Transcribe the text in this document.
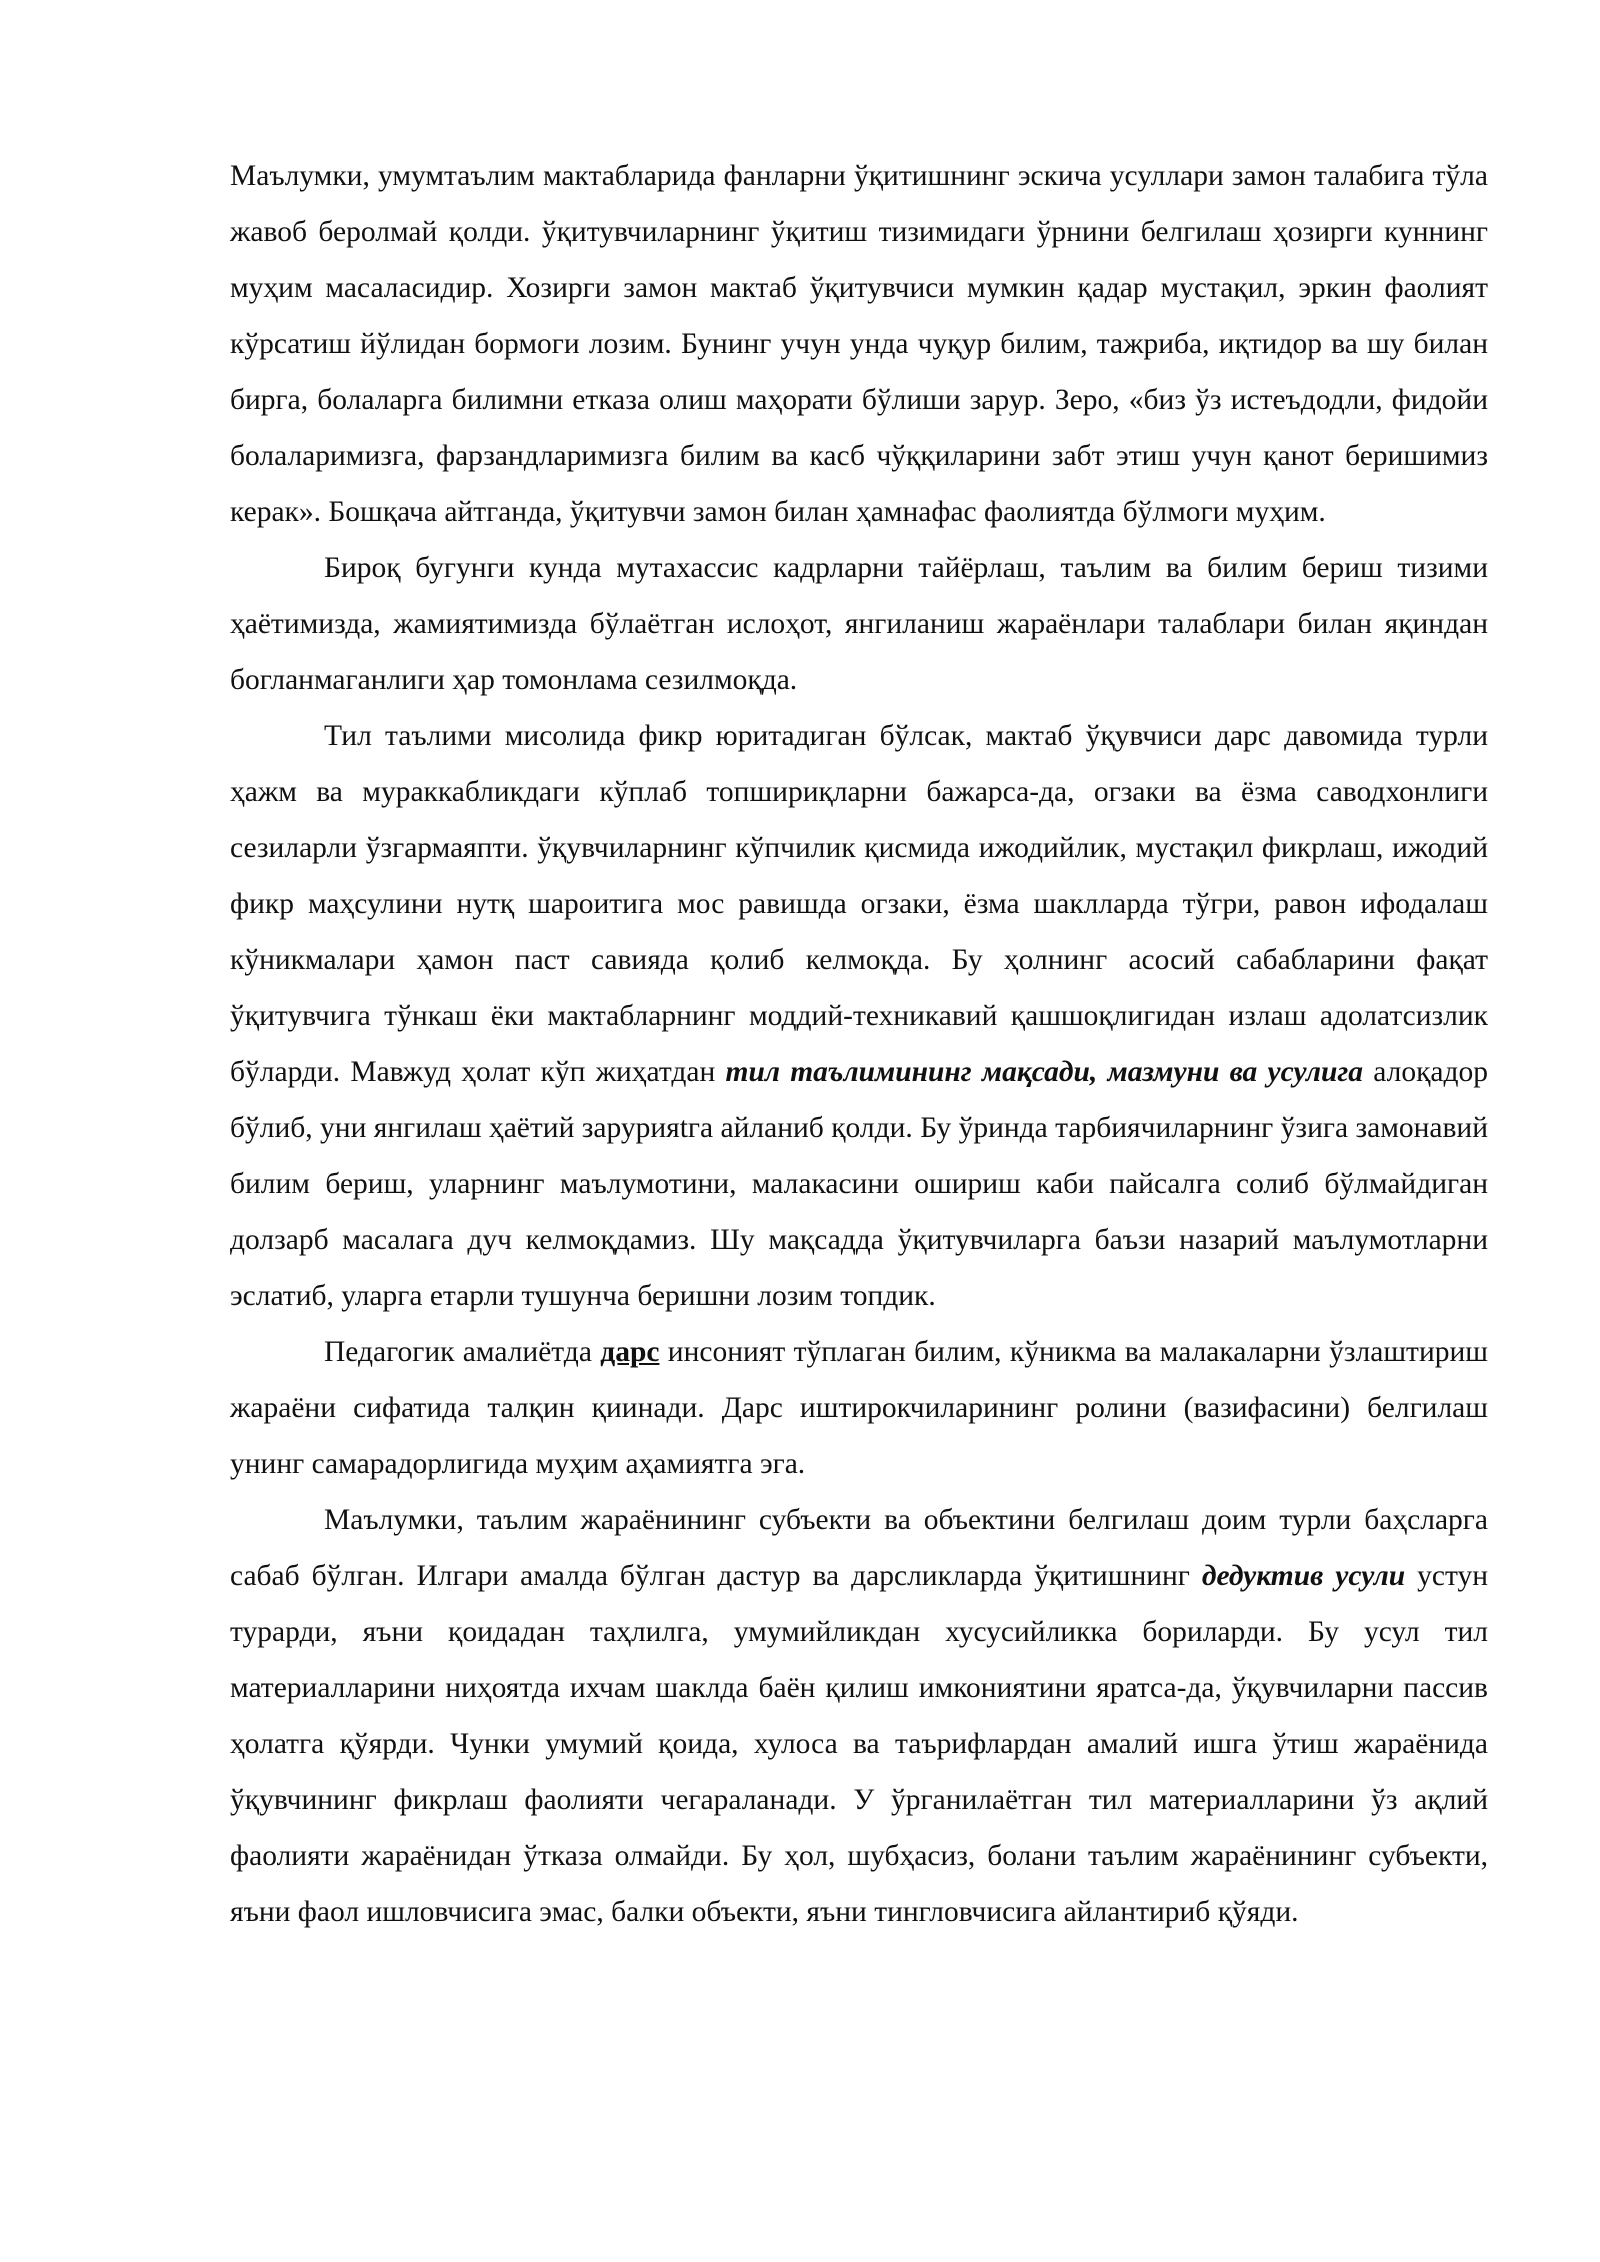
Маълумки, умумтаълим мактабларида фанларни ўқитишнинг эскича усуллари замон талабига тўла жавоб беролмай қолди. ўқитувчиларнинг ўқитиш тизимидаги ўрнини белгилаш ҳозирги куннинг муҳим масаласидир. Хозирги замон мактаб ўқитувчиси мумкин қадар мустақил, эркин фаолият кўрсатиш йўлидан бормоги лозим. Бунинг учун унда чуқур билим, тажриба, иқтидор ва шу билан бирга, болаларга билимни етказа олиш маҳорати бўлиши зарур. Зеро, «биз ўз истеъдодли, фидойи болаларимизга, фарзандларимизга билим ва касб чўққиларини забт этиш учун қанот беришимиз керак». Бошқача айтганда, ўқитувчи замон билан ҳамнафас фаолиятда бўлмоги муҳим.

Бироқ бугунги кунда мутахассис кадрларни тайёрлаш, таълим ва билим бериш тизими ҳаётимизда, жамиятимизда бўлаётган ислоҳот, янгиланиш жараёнлари талаблари билан яқиндан богланмаганлиги ҳар томонлама сезилмоқда.

Тил таълими мисолида фикр юритадиган бўлсак, мактаб ўқувчиси дарс давомида турли ҳажм ва мураккабликдаги кўплаб топшириқларни бажарса-да, огзаки ва ёзма саводхонлиги сезиларли ўзгармаяпти. ўқувчиларнинг кўпчилик қисмида ижодийлик, мустақил фикрлаш, ижодий фикр маҳсулини нутқ шароитига мос равишда огзаки, ёзма шаклларда тўгри, равон ифодалаш кўникмалари ҳамон паст савияда қолиб келмоқда. Бу ҳолнинг асосий сабабларини фақат ўқитувчига тўнкаш ёки мактабларнинг моддий-техникавий қашшоқлигидан излаш адолатсизлик бўларди. Мавжуд ҳолат кўп жиҳатдан тил таълимининг мақсади, мазмуни ва усулига алоқадор бўлиб, уни янгилаш ҳаётий зарурияtга айланиб қолди. Бу ўринда тарбиячиларнинг ўзига замонавий билим бериш, уларнинг маълумотини, малакасини ошириш каби пайсалга солиб бўлмайдиган долзарб масалага дуч келмоқдамиз. Шу мақсадда ўқитувчиларга баъзи назарий маълумотларни эслатиб, уларга етарли тушунча беришни лозим топдик.

Педагогик амалиётда дарс инсоният тўплаган билим, кўникма ва малакаларни ўзлаштириш жараёни сифатида талқин қиинади. Дарс иштирокчиларининг ролини (вазифасини) белгилаш унинг самарадорлигида муҳим аҳамиятга эга.

Маълумки, таълим жараёнининг субъекти ва объектини белгилаш доим турли баҳсларга сабаб бўлган. Илгари амалда бўлган дастур ва дарсликларда ўқитишнинг дедуктив усули устун турарди, яъни қоидадан таҳлилга, умумийликдан хусусийликка бориларди. Бу усул тил материалларини ниҳоятда ихчам шаклда баён қилиш имкониятини яратса-да, ўқувчиларни пассив ҳолатга қўярди. Чунки умумий қоида, хулоса ва таърифлардан амалий ишга ўтиш жараёнида ўқувчининг фикрлаш фаолияти чегараланади. У ўрганилаётган тил материалларини ўз ақлий фаолияти жараёнидан ўтказа олмайди. Бу ҳол, шубҳасиз, болани таълим жараёнининг субъекти, яъни фаол ишловчисига эмас, балки объекти, яъни тингловчисига айлантириб қўяди.
